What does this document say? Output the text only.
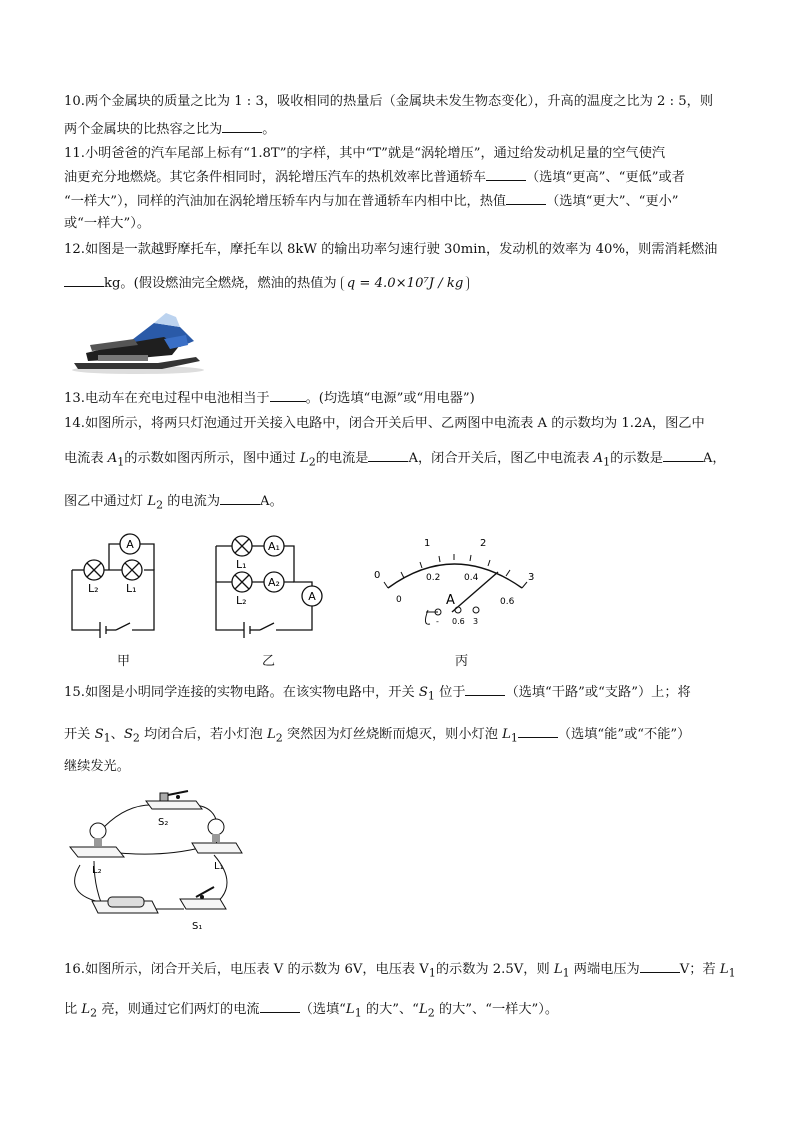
10.两个金属块的质量之比为 1 : 3，吸收相同的热量后（金属块未发生物态变化），升高的温度之比为 2 : 5，则
两个金属块的比热容之比为	。
11.小明爸爸的汽车尾部上标有“1.8T”的字样，其中“T”就是“涡轮增压”，通过给发动机足量的空气使汽
油更充分地燃烧。其它条件相同时，涡轮增压汽车的热机效率比普通轿车	（选填“更高”、“更低”或者
“一样大”），同样的汽油加在涡轮增压轿车内与加在普通轿车内相中比，热值	（选填“更大”、“更小”
或“一样大”）。
12.如图是一款越野摩托车，摩托车以 8kW 的输出功率匀速行驶 30min，发动机的效率为 40%，则需消耗燃油
kg。(假设燃油完全燃烧，燃油的热值为 q = 4.0×10⁷J / kg
13.电动车在充电过程中电池相当于	。(均选填“电源”或“用电器”)
14.如图所示，将两只灯泡通过开关接入电路中，闭合开关后甲、乙两图中电流表 A 的示数均为 1.2A，图乙中
电流表 $A_1$的示数如图丙所示，图中通过 $L_2$的电流是	A，闭合开关后，图乙中电流表 $A_1$的示数是	A，
图乙中通过灯 $L_2$ 的电流为	A。
A
L₂ L₁
甲
A₁
A₂
A
L₁
L₂
乙
0
1	2
3
0
0.2	0.4
0.6
A
- 0.6 3
丙
15.如图是小明同学连接的实物电路。在该实物电路中，开关 $S_1$ 位于	（选填“干路”或“支路”）上；将
开关 $S_1$、$S_2$ 均闭合后，若小灯泡 $L_2$ 突然因为灯丝烧断而熄灭，则小灯泡 $L_1$	（选填“能”或“不能”）
继续发光。
S₂
L₂	L₁
S₁
16.如图所示，闭合开关后，电压表 V 的示数为 6V，电压表 $V_1$的示数为 2.5V，则 $L_1$ 两端电压为	V；若 $L_1$
比 $L_2$ 亮，则通过它们两灯的电流	（选填“$L_1$ 的大”、“$L_2$ 的大”、“一样大”）。
